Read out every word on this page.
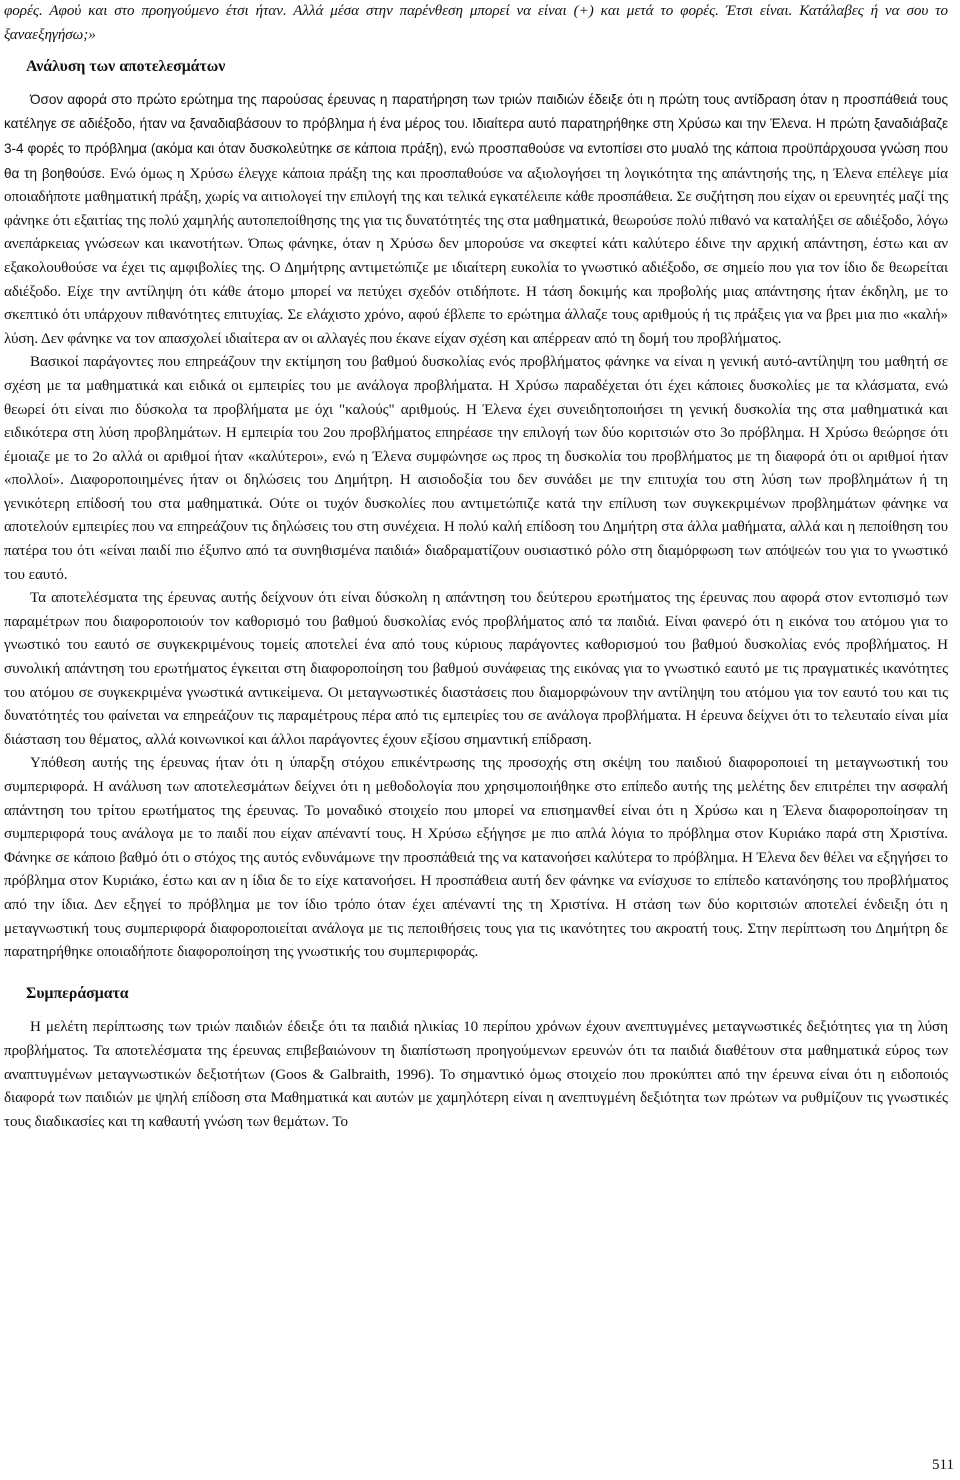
φορές. Αφού και στο προηγούμενο έτσι ήταν. Αλλά μέσα στην παρένθεση μπορεί να είναι (+) και μετά το φορές. Έτσι είναι. Κατάλαβες ή να σου το ξαναεξηγήσω;»

Ανάλυση των αποτελεσμάτων

Όσον αφορά στο πρώτο ερώτημα της παρούσας έρευνας η παρατήρηση των τριών παιδιών έδειξε ότι η πρώτη τους αντίδραση όταν η προσπάθειά τους κατέληγε σε αδιέξοδο, ήταν να ξαναδιαβάσουν το πρόβλημα ή ένα μέρος του. Ιδιαίτερα αυτό παρατηρήθηκε στη Χρύσω και την Έλενα. Η πρώτη ξαναδιάβαζε 3-4 φορές το πρόβλημα (ακόμα και όταν δυσκολεύτηκε σε κάποια πράξη), ενώ προσπαθούσε να εντοπίσει στο μυαλό της κάποια προϋπάρχουσα γνώση που θα τη βοηθούσε. Ενώ όμως η Χρύσω έλεγχε κάποια πράξη της και προσπαθούσε να αξιολογήσει τη λογικότητα της απάντησής της, η Έλενα επέλεγε μία οποιαδήποτε μαθηματική πράξη, χωρίς να αιτιολογεί την επιλογή της και τελικά εγκατέλειπε κάθε προσπάθεια. Σε συζήτηση που είχαν οι ερευνητές μαζί της φάνηκε ότι εξαιτίας της πολύ χαμηλής αυτοπεποίθησης της για τις δυνατότητές της στα μαθηματικά, θεωρούσε πολύ πιθανό να καταλήξει σε αδιέξοδο, λόγω ανεπάρκειας γνώσεων και ικανοτήτων. Όπως φάνηκε, όταν η Χρύσω δεν μπορούσε να σκεφτεί κάτι καλύτερο έδινε την αρχική απάντηση, έστω και αν εξακολουθούσε να έχει τις αμφιβολίες της. Ο Δημήτρης αντιμετώπιζε με ιδιαίτερη ευκολία το γνωστικό αδιέξοδο, σε σημείο που για τον ίδιο δε θεωρείται αδιέξοδο. Είχε την αντίληψη ότι κάθε άτομο μπορεί να πετύχει σχεδόν οτιδήποτε. Η τάση δοκιμής και προβολής μιας απάντησης ήταν έκδηλη, με το σκεπτικό ότι υπάρχουν πιθανότητες επιτυχίας. Σε ελάχιστο χρόνο, αφού έβλεπε το ερώτημα άλλαζε τους αριθμούς ή τις πράξεις για να βρει μια πιο «καλή» λύση. Δεν φάνηκε να τον απασχολεί ιδιαίτερα αν οι αλλαγές που έκανε είχαν σχέση και απέρρεαν από τη δομή του προβλήματος.

Βασικοί παράγοντες που επηρεάζουν την εκτίμηση του βαθμού δυσκολίας ενός προβλήματος φάνηκε να είναι η γενική αυτό-αντίληψη του μαθητή σε σχέση με τα μαθηματικά και ειδικά οι εμπειρίες του με ανάλογα προβλήματα. Η Χρύσω παραδέχεται ότι έχει κάποιες δυσκολίες με τα κλάσματα, ενώ θεωρεί ότι είναι πιο δύσκολα τα προβλήματα με όχι "καλούς" αριθμούς. Η Έλενα έχει συνειδητοποιήσει τη γενική δυσκολία της στα μαθηματικά και ειδικότερα στη λύση προβλημάτων. Η εμπειρία του 2ου προβλήματος επηρέασε την επιλογή των δύο κοριτσιών στο 3ο πρόβλημα. Η Χρύσω θεώρησε ότι έμοιαζε με το 2ο αλλά οι αριθμοί ήταν «καλύτεροι», ενώ η Έλενα συμφώνησε ως προς τη δυσκολία του προβλήματος με τη διαφορά ότι οι αριθμοί ήταν «πολλοί». Διαφοροποιημένες ήταν οι δηλώσεις του Δημήτρη. Η αισιοδοξία του δεν συνάδει με την επιτυχία του στη λύση των προβλημάτων ή τη γενικότερη επίδοσή του στα μαθηματικά. Ούτε οι τυχόν δυσκολίες που αντιμετώπιζε κατά την επίλυση των συγκεκριμένων προβλημάτων φάνηκε να αποτελούν εμπειρίες που να επηρεάζουν τις δηλώσεις του στη συνέχεια. Η πολύ καλή επίδοση του Δημήτρη στα άλλα μαθήματα, αλλά και η πεποίθηση του πατέρα του ότι «είναι παιδί πιο έξυπνο από τα συνηθισμένα παιδιά» διαδραματίζουν ουσιαστικό ρόλο στη διαμόρφωση των απόψεών του για το γνωστικό του εαυτό.

Τα αποτελέσματα της έρευνας αυτής δείχνουν ότι είναι δύσκολη η απάντηση του δεύτερου ερωτήματος της έρευνας που αφορά στον εντοπισμό των παραμέτρων που διαφοροποιούν τον καθορισμό του βαθμού δυσκολίας ενός προβλήματος από τα παιδιά. Είναι φανερό ότι η εικόνα του ατόμου για το γνωστικό του εαυτό σε συγκεκριμένους τομείς αποτελεί ένα από τους κύριους παράγοντες καθορισμού του βαθμού δυσκολίας ενός προβλήματος. Η συνολική απάντηση του ερωτήματος έγκειται στη διαφοροποίηση του βαθμού συνάφειας της εικόνας για το γνωστικό εαυτό με τις πραγματικές ικανότητες του ατόμου σε συγκεκριμένα γνωστικά αντικείμενα. Οι μεταγνωστικές διαστάσεις που διαμορφώνουν την αντίληψη του ατόμου για τον εαυτό του και τις δυνατότητές του φαίνεται να επηρεάζουν τις παραμέτρους πέρα από τις εμπειρίες του σε ανάλογα προβλήματα. Η έρευνα δείχνει ότι το τελευταίο είναι μία διάσταση του θέματος, αλλά κοινωνικοί και άλλοι παράγοντες έχουν εξίσου σημαντική επίδραση.

Υπόθεση αυτής της έρευνας ήταν ότι η ύπαρξη στόχου επικέντρωσης της προσοχής στη σκέψη του παιδιού διαφοροποιεί τη μεταγνωστική του συμπεριφορά. Η ανάλυση των αποτελεσμάτων δείχνει ότι η μεθοδολογία που χρησιμοποιήθηκε στο επίπεδο αυτής της μελέτης δεν επιτρέπει την ασφαλή απάντηση του τρίτου ερωτήματος της έρευνας. Το μοναδικό στοιχείο που μπορεί να επισημανθεί είναι ότι η Χρύσω και η Έλενα διαφοροποίησαν τη συμπεριφορά τους ανάλογα με το παιδί που είχαν απέναντί τους. Η Χρύσω εξήγησε με πιο απλά λόγια το πρόβλημα στον Κυριάκο παρά στη Χριστίνα. Φάνηκε σε κάποιο βαθμό ότι ο στόχος της αυτός ενδυνάμωνε την προσπάθειά της να κατανοήσει καλύτερα το πρόβλημα. Η Έλενα δεν θέλει να εξηγήσει το πρόβλημα στον Κυριάκο, έστω και αν η ίδια δε το είχε κατανοήσει. Η προσπάθεια αυτή δεν φάνηκε να ενίσχυσε το επίπεδο κατανόησης του προβλήματος από την ίδια. Δεν εξηγεί το πρόβλημα με τον ίδιο τρόπο όταν έχει απέναντί της τη Χριστίνα. Η στάση των δύο κοριτσιών αποτελεί ένδειξη ότι η μεταγνωστική τους συμπεριφορά διαφοροποιείται ανάλογα με τις πεποιθήσεις τους για τις ικανότητες του ακροατή τους. Στην περίπτωση του Δημήτρη δε παρατηρήθηκε οποιαδήποτε διαφοροποίηση της γνωστικής του συμπεριφοράς.

Συμπεράσματα

Η μελέτη περίπτωσης των τριών παιδιών έδειξε ότι τα παιδιά ηλικίας 10 περίπου χρόνων έχουν ανεπτυγμένες μεταγνωστικές δεξιότητες για τη λύση προβλήματος. Τα αποτελέσματα της έρευνας επιβεβαιώνουν τη διαπίστωση προηγούμενων ερευνών ότι τα παιδιά διαθέτουν στα μαθηματικά εύρος των αναπτυγμένων μεταγνωστικών δεξιοτήτων (Goos & Galbraith, 1996). Το σημαντικό όμως στοιχείο που προκύπτει από την έρευνα είναι ότι η ειδοποιός διαφορά των παιδιών με ψηλή επίδοση στα Μαθηματικά και αυτών με χαμηλότερη είναι η ανεπτυγμένη δεξιότητα των πρώτων να ρυθμίζουν τις γνωστικές τους διαδικασίες και τη καθαυτή γνώση των θεμάτων. Το

511
